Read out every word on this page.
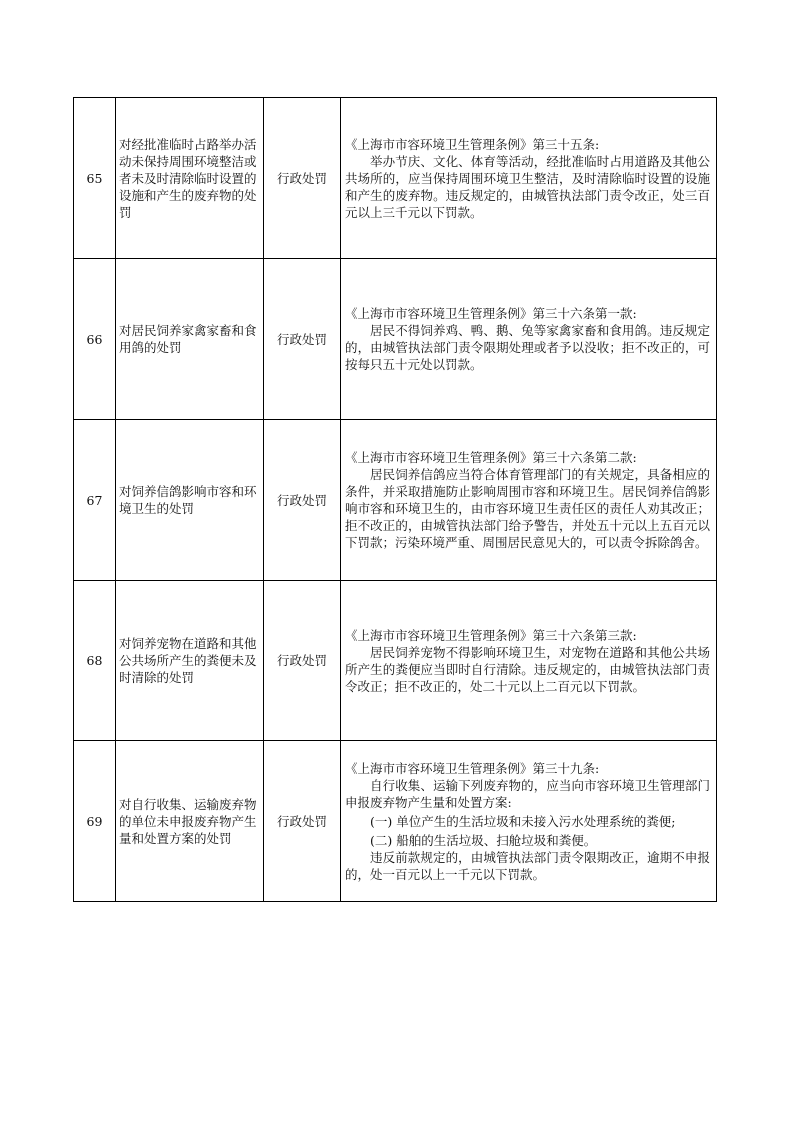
65	对经批准临时占路举办活动未保持周围环境整洁或者未及时清除临时设置的设施和产生的废弃物的处罚	行政处罚	《上海市市容环境卫生管理条例》第三十五条:

举办节庆、文化、体育等活动，经批准临时占用道路及其他公共场所的，应当保持周围环境卫生整洁，及时清除临时设置的设施和产生的废弃物。违反规定的，由城管执法部门责令改正，处三百元以上三千元以下罚款。

66	对居民饲养家禽家畜和食用鸽的处罚	行政处罚	《上海市市容环境卫生管理条例》第三十六条第一款:

居民不得饲养鸡、鸭、鹅、兔等家禽家畜和食用鸽。违反规定的，由城管执法部门责令限期处理或者予以没收；拒不改正的，可按每只五十元处以罚款。

67	对饲养信鸽影响市容和环境卫生的处罚	行政处罚	《上海市市容环境卫生管理条例》第三十六条第二款:

居民饲养信鸽应当符合体育管理部门的有关规定，具备相应的条件，并采取措施防止影响周围市容和环境卫生。居民饲养信鸽影响市容和环境卫生的，由市容环境卫生责任区的责任人劝其改正；拒不改正的，由城管执法部门给予警告，并处五十元以上五百元以下罚款；污染环境严重、周围居民意见大的，可以责令拆除鸽舍。

68	对饲养宠物在道路和其他公共场所产生的粪便未及时清除的处罚	行政处罚	《上海市市容环境卫生管理条例》第三十六条第三款:

居民饲养宠物不得影响环境卫生，对宠物在道路和其他公共场所产生的粪便应当即时自行清除。违反规定的，由城管执法部门责令改正；拒不改正的，处二十元以上二百元以下罚款。

69	对自行收集、运输废弃物的单位未申报废弃物产生量和处置方案的处罚	行政处罚	《上海市市容环境卫生管理条例》第三十九条:

自行收集、运输下列废弃物的，应当向市容环境卫生管理部门申报废弃物产生量和处置方案:

(一) 单位产生的生活垃圾和未接入污水处理系统的粪便;

(二) 船舶的生活垃圾、扫舱垃圾和粪便。

违反前款规定的，由城管执法部门责令限期改正，逾期不申报的，处一百元以上一千元以下罚款。
